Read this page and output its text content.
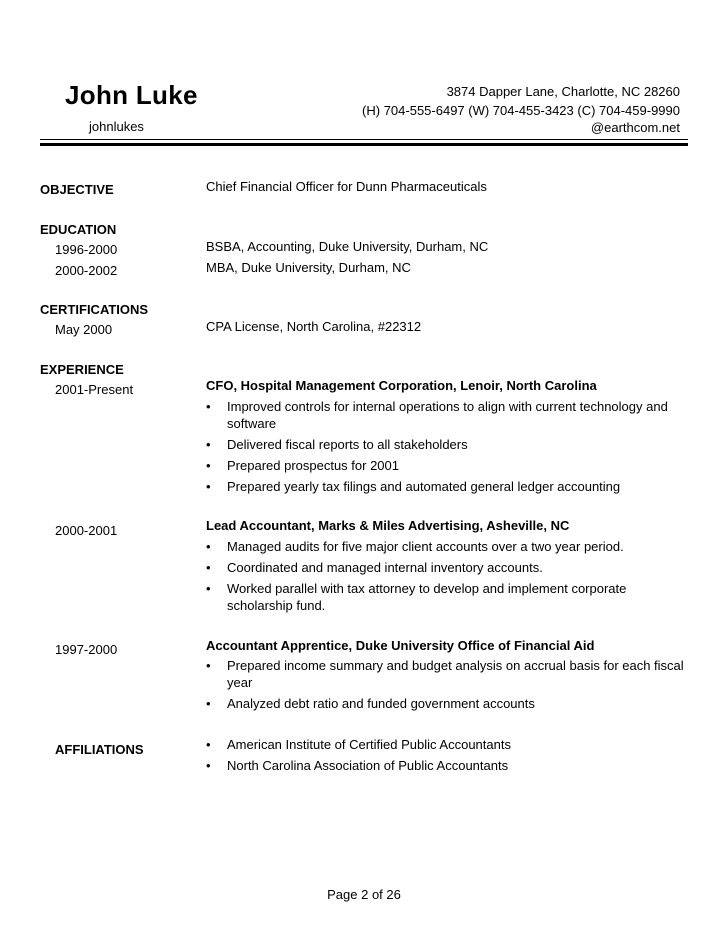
John Luke
johnlukes
3874 Dapper Lane, Charlotte, NC 28260
(H) 704-555-6497 (W) 704-455-3423 (C) 704-459-9990
@earthcom.net
OBJECTIVE	Chief Financial Officer for Dunn Pharmaceuticals
EDUCATION
1996-2000	BSBA, Accounting, Duke University, Durham, NC
2000-2002	MBA, Duke University, Durham, NC
CERTIFICATIONS
May 2000	CPA License, North Carolina, #22312
EXPERIENCE
2001-Present	CFO, Hospital Management Corporation, Lenoir, North Carolina
• Improved controls for internal operations to align with current technology and software
• Delivered fiscal reports to all stakeholders
• Prepared prospectus for 2001
• Prepared yearly tax filings and automated general ledger accounting
2000-2001	Lead Accountant, Marks & Miles Advertising, Asheville, NC
• Managed audits for five major client accounts over a two year period.
• Coordinated and managed internal inventory accounts.
• Worked parallel with tax attorney to develop and implement corporate scholarship fund.
1997-2000	Accountant Apprentice, Duke University Office of Financial Aid
• Prepared income summary and budget analysis on accrual basis for each fiscal year
• Analyzed debt ratio and funded government accounts
AFFILIATIONS	• American Institute of Certified Public Accountants
• North Carolina Association of Public Accountants
Page 2 of 26
